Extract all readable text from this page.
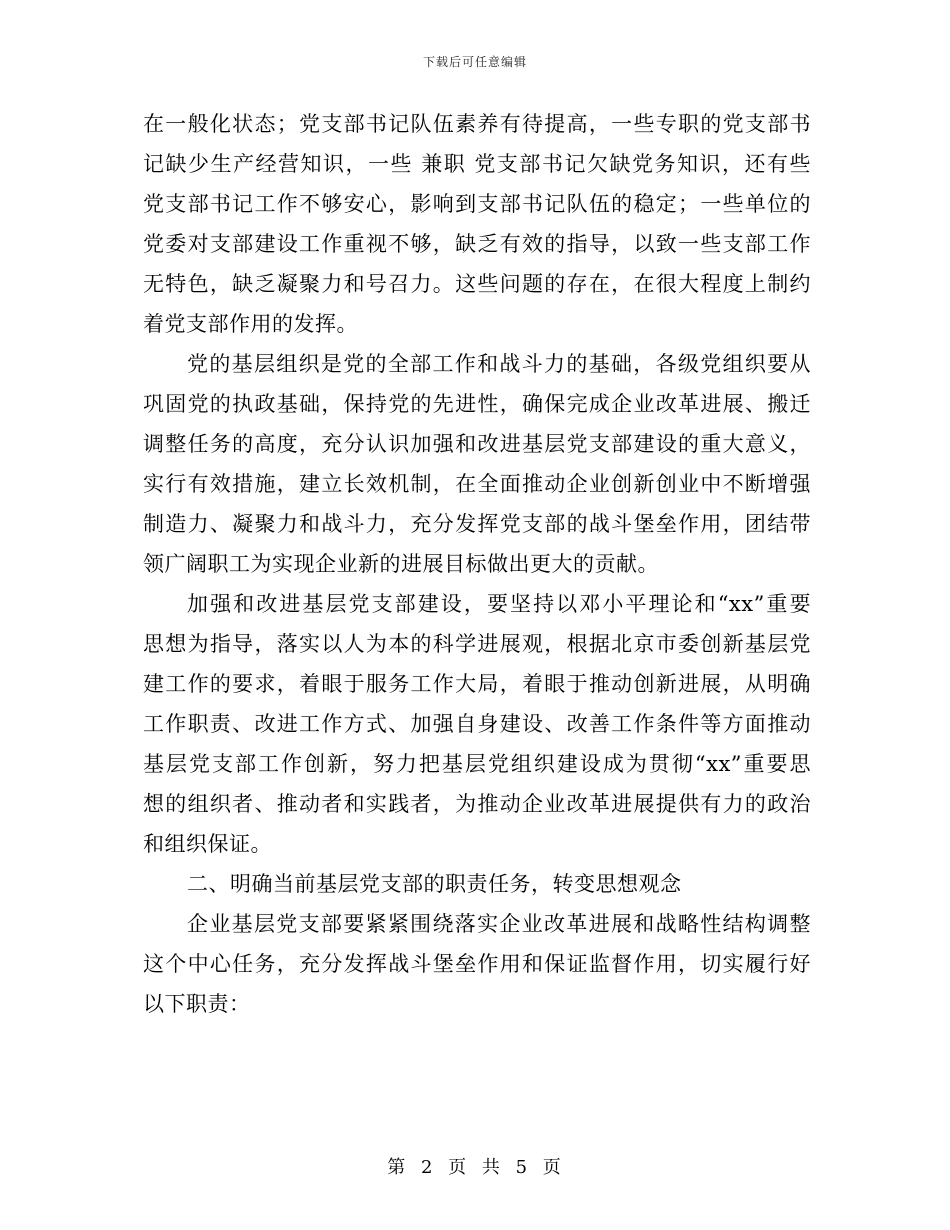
下载后可任意编辑
在一般化状态；党支部书记队伍素养有待提高，一些专职的党支部书
记缺少生产经营知识，一些 兼职 党支部书记欠缺党务知识，还有些
党支部书记工作不够安心，影响到支部书记队伍的稳定；一些单位的
党委对支部建设工作重视不够，缺乏有效的指导，以致一些支部工作
无特色，缺乏凝聚力和号召力。这些问题的存在，在很大程度上制约
着党支部作用的发挥。
党的基层组织是党的全部工作和战斗力的基础，各级党组织要从
巩固党的执政基础，保持党的先进性，确保完成企业改革进展、搬迁
调整任务的高度，充分认识加强和改进基层党支部建设的重大意义，
实行有效措施，建立长效机制，在全面推动企业创新创业中不断增强
制造力、凝聚力和战斗力，充分发挥党支部的战斗堡垒作用，团结带
领广阔职工为实现企业新的进展目标做出更大的贡献。
加强和改进基层党支部建设，要坚持以邓小平理论和“xx”重要
思想为指导，落实以人为本的科学进展观，根据北京市委创新基层党
建工作的要求，着眼于服务工作大局，着眼于推动创新进展，从明确
工作职责、改进工作方式、加强自身建设、改善工作条件等方面推动
基层党支部工作创新，努力把基层党组织建设成为贯彻“xx”重要思
想的组织者、推动者和实践者，为推动企业改革进展提供有力的政治
和组织保证。
二、明确当前基层党支部的职责任务，转变思想观念
企业基层党支部要紧紧围绕落实企业改革进展和战略性结构调整
这个中心任务，充分发挥战斗堡垒作用和保证监督作用，切实履行好
以下职责：
第 2 页 共 5 页
